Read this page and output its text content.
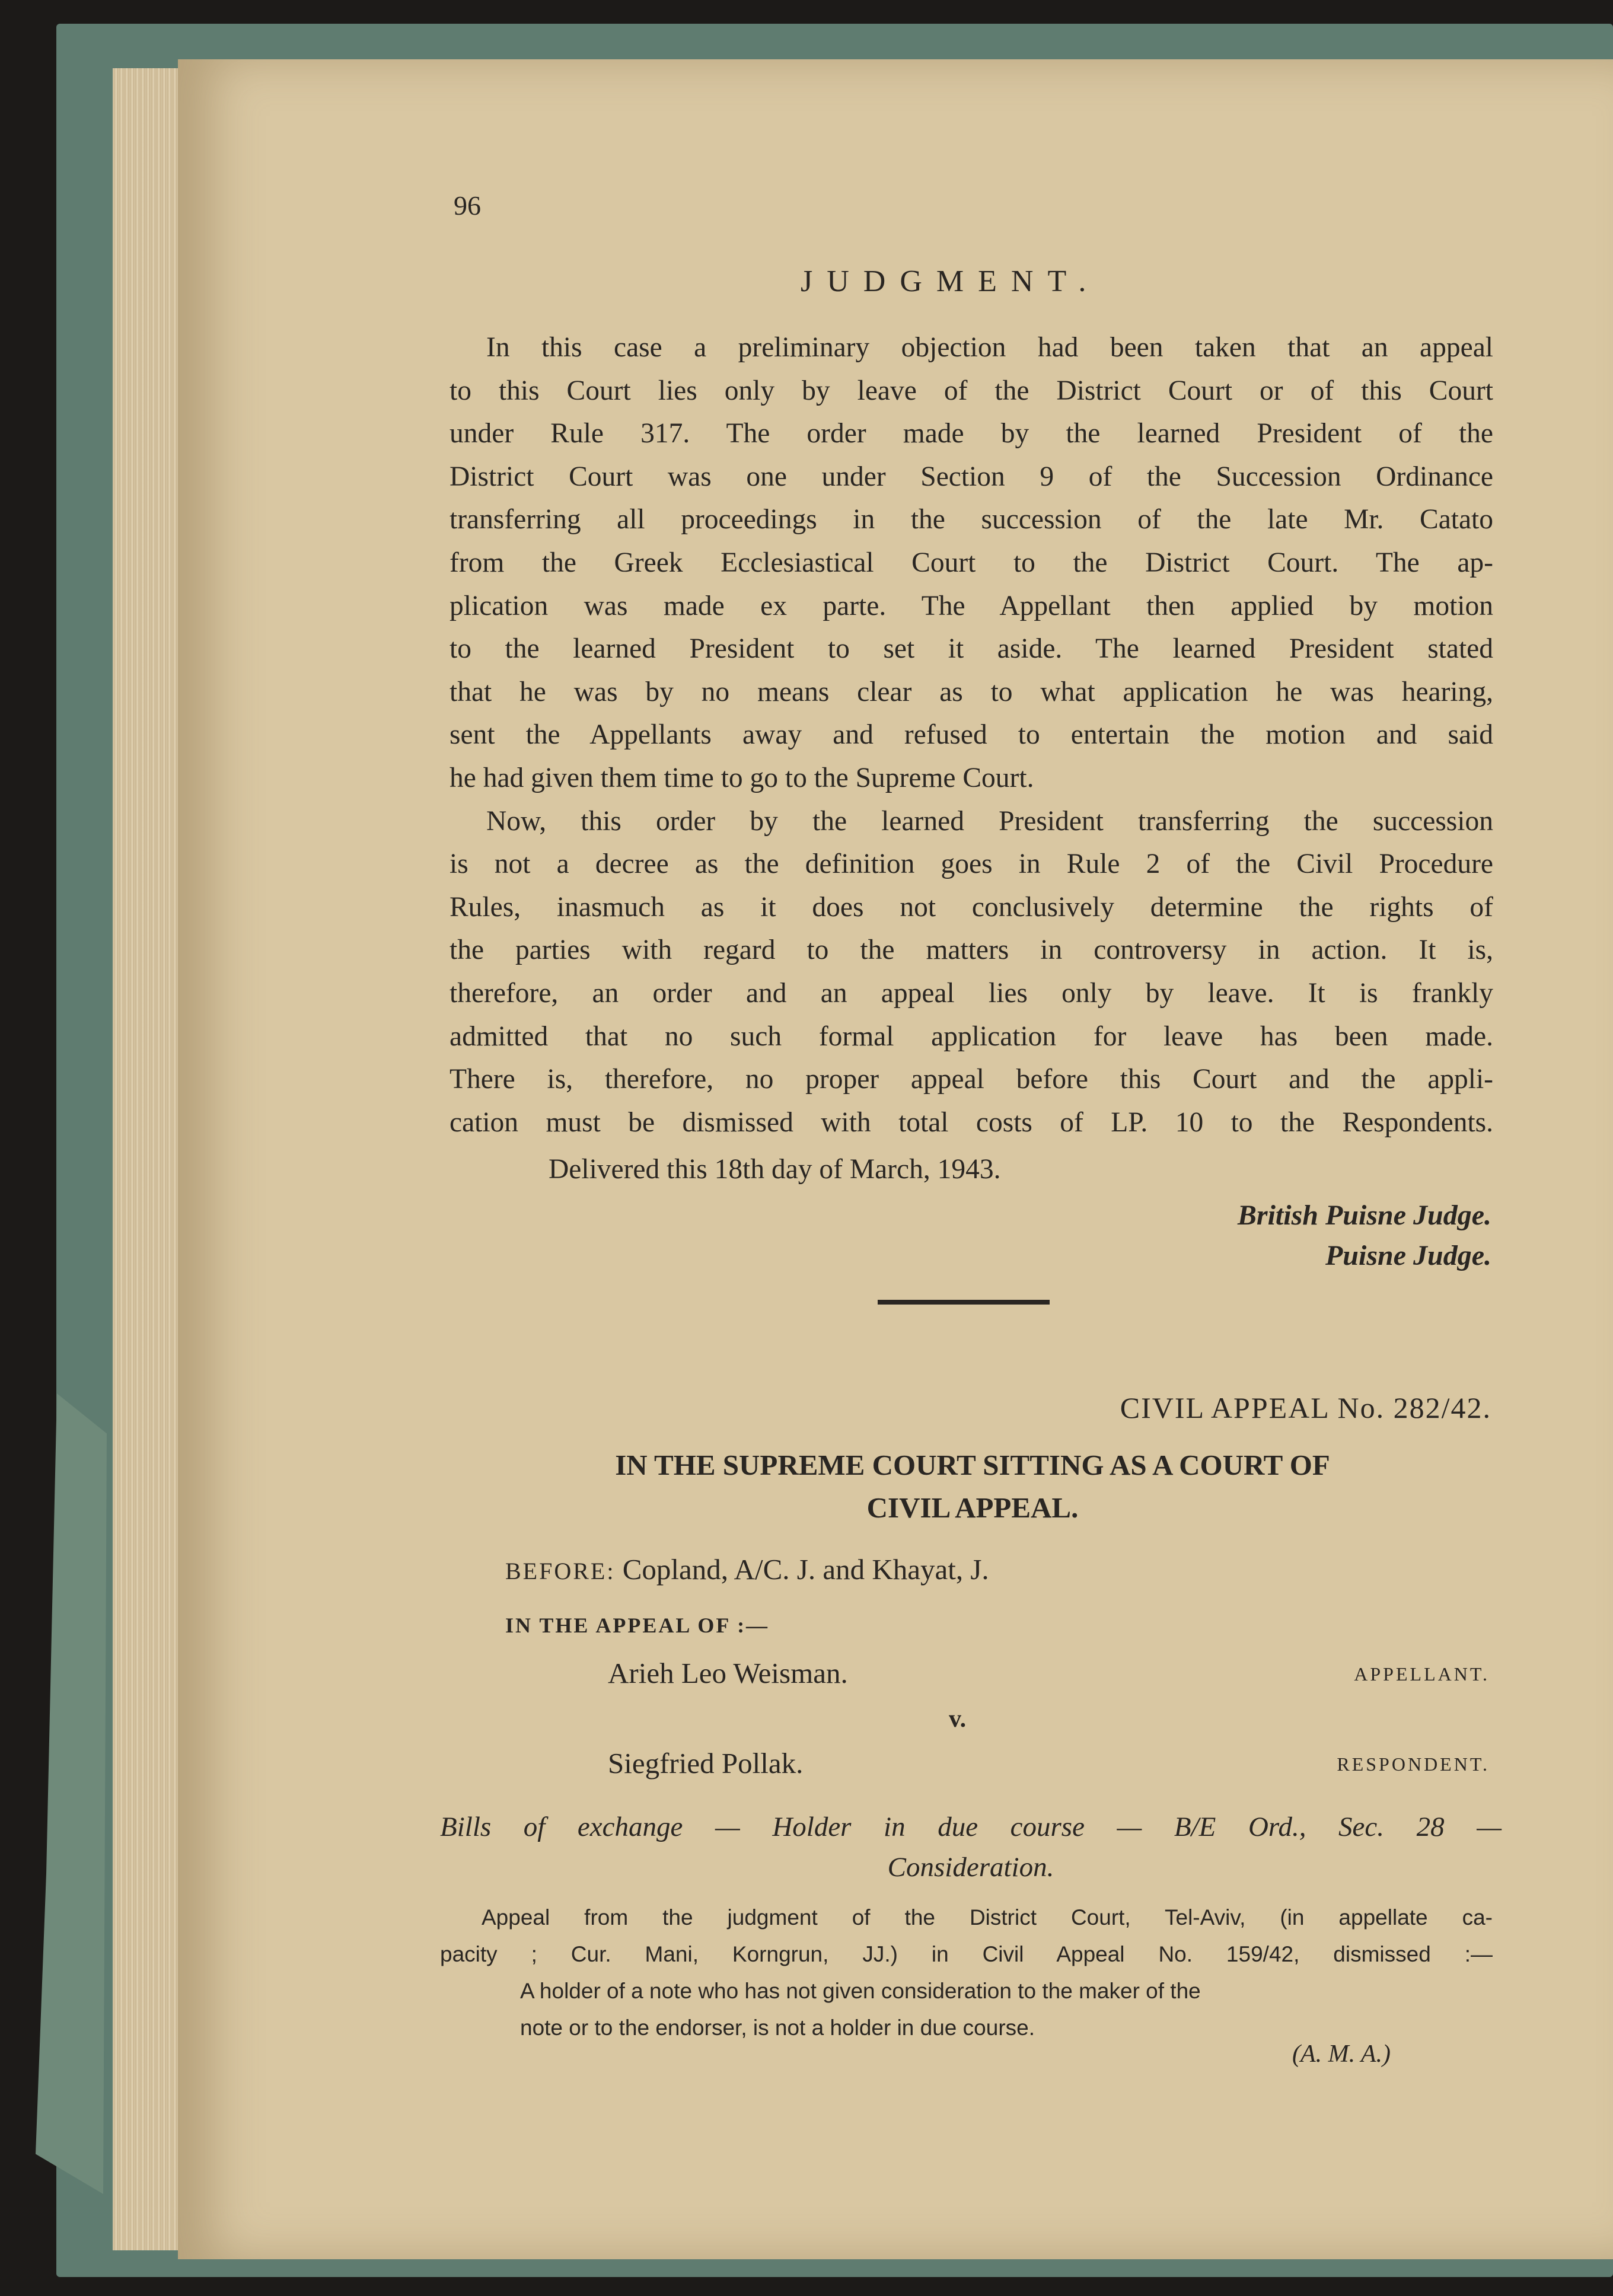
96

JUDGMENT.

In this case a preliminary objection had been taken that an appeal

to this Court lies only by leave of the District Court or of this Court

under Rule 317. The order made by the learned President of the

District Court was one under Section 9 of the Succession Ordinance

transferring all proceedings in the succession of the late Mr. Catato

from the Greek Ecclesiastical Court to the District Court. The ap-

plication was made ex parte. The Appellant then applied by motion

to the learned President to set it aside. The learned President stated

that he was by no means clear as to what application he was hearing,

sent the Appellants away and refused to entertain the motion and said

he had given them time to go to the Supreme Court.

Now, this order by the learned President transferring the succession

is not a decree as the definition goes in Rule 2 of the Civil Procedure

Rules, inasmuch as it does not conclusively determine the rights of

the parties with regard to the matters in controversy in action. It is,

therefore, an order and an appeal lies only by leave. It is frankly

admitted that no such formal application for leave has been made.

There is, therefore, no proper appeal before this Court and the appli-

cation must be dismissed with total costs of LP. 10 to the Respondents.

Delivered this 18th day of March, 1943.

British Puisne Judge.

Puisne Judge.

CIVIL APPEAL No. 282/42.

IN THE SUPREME COURT SITTING AS A COURT OF
CIVIL APPEAL.

BEFORE: Copland, A/C. J. and Khayat, J.

IN THE APPEAL OF :—

Arieh Leo Weisman.	APPELLANT.

v.

Siegfried Pollak.	RESPONDENT.

Bills of exchange — Holder in due course — B/E Ord., Sec. 28 —
Consideration.

Appeal from the judgment of the District Court, Tel-Aviv, (in appellate ca-
pacity ; Cur. Mani, Korngrun, JJ.) in Civil Appeal No. 159/42, dismissed :—
A holder of a note who has not given consideration to the maker of the
note or to the endorser, is not a holder in due course.

(A. M. A.)
